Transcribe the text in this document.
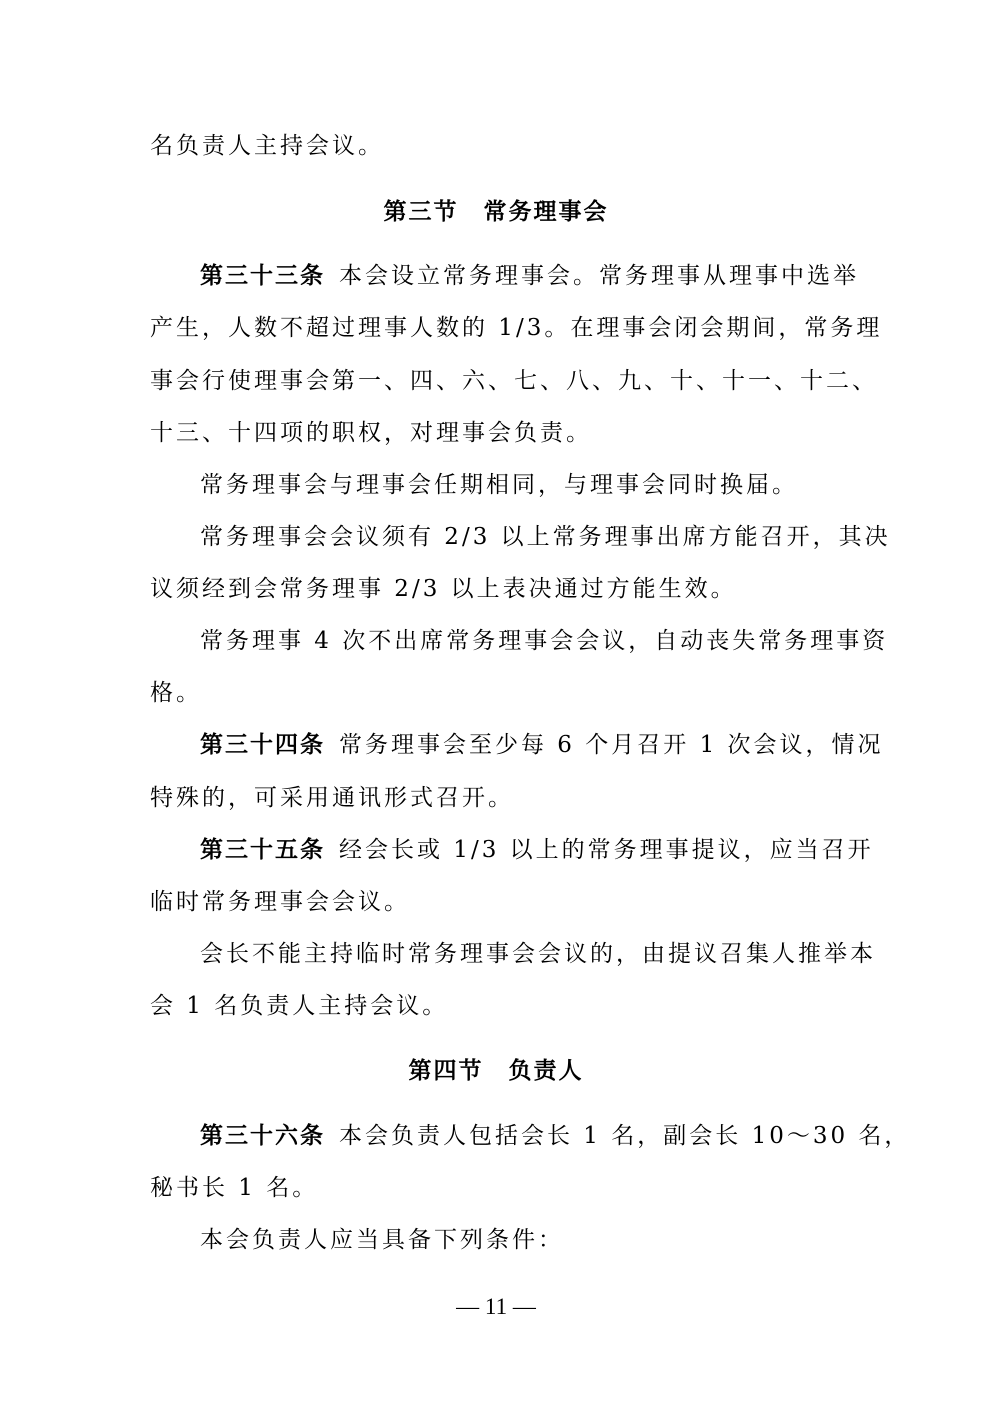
名负责人主持会议。
第三节　常务理事会
第三十三条 本会设立常务理事会。常务理事从理事中选举
产生，人数不超过理事人数的 1/3。在理事会闭会期间，常务理
事会行使理事会第一、四、六、七、八、九、十、十一、十二、
十三、十四项的职权，对理事会负责。
常务理事会与理事会任期相同，与理事会同时换届。
常务理事会会议须有 2/3 以上常务理事出席方能召开，其决
议须经到会常务理事 2/3 以上表决通过方能生效。
常务理事 4 次不出席常务理事会会议，自动丧失常务理事资
格。
第三十四条 常务理事会至少每 6 个月召开 1 次会议，情况
特殊的，可采用通讯形式召开。
第三十五条 经会长或 1/3 以上的常务理事提议，应当召开
临时常务理事会会议。
会长不能主持临时常务理事会会议的，由提议召集人推举本
会 1 名负责人主持会议。
第四节　负责人
第三十六条 本会负责人包括会长 1 名，副会长 10～30 名，
秘书长 1 名。
本会负责人应当具备下列条件：
— 11 —
